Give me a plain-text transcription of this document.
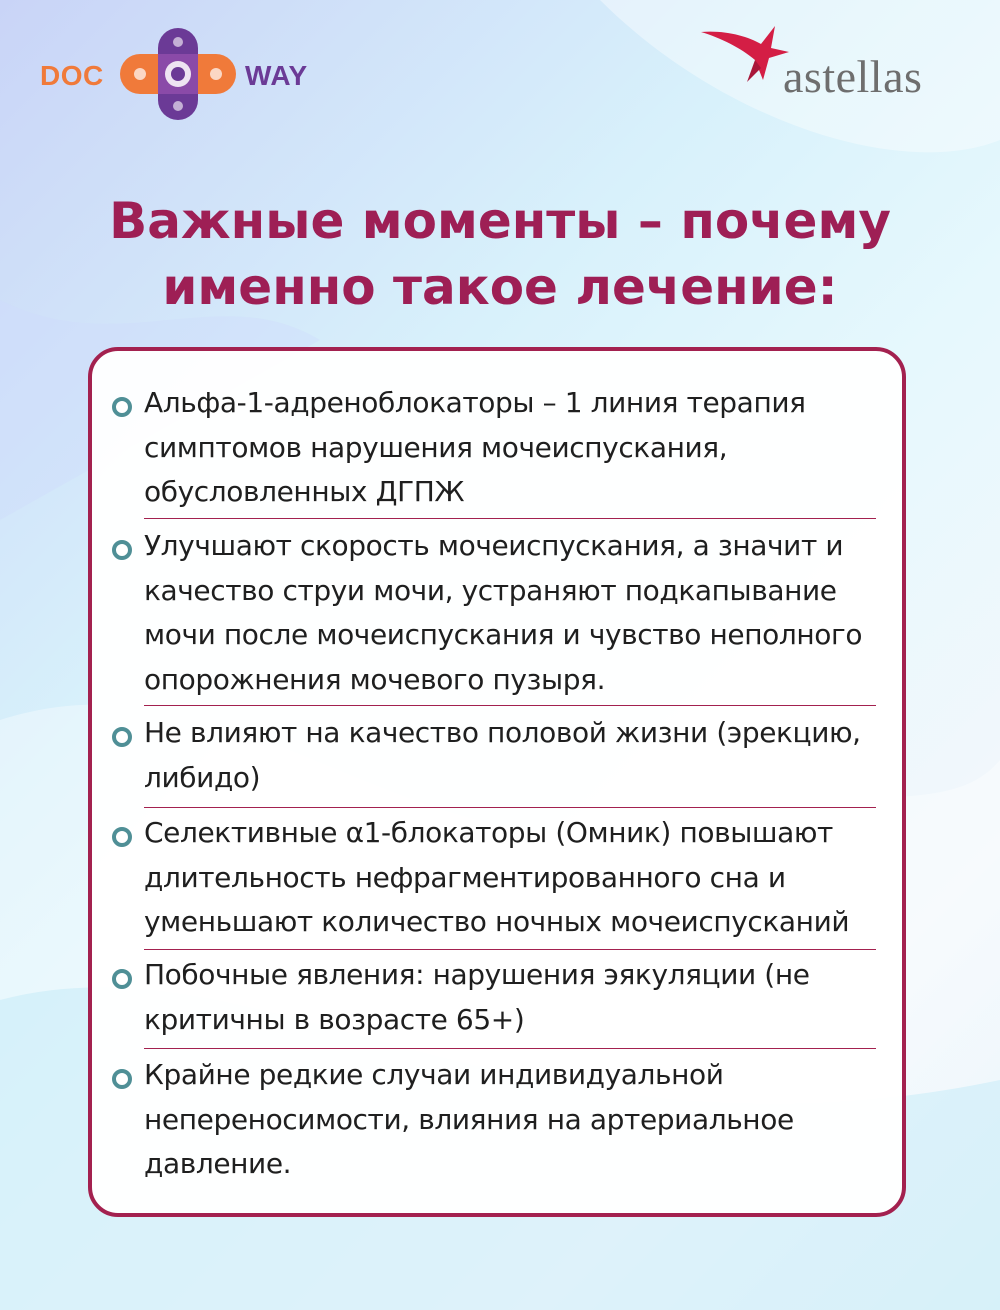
DOC	WAY	astellas
Важные моменты – почему
именно такое лечение:

Альфа-1-адреноблокаторы – 1 линия терапия симптомов нарушения мочеиспускания, обусловленных ДГПЖ

Улучшают скорость мочеиспускания, а значит и качество струи мочи, устраняют подкапывание мочи после мочеиспускания и чувство неполного опорожнения мочевого пузыря.

Не влияют на качество половой жизни (эрекцию, либидо)

Селективные α1-блокаторы (Омник) повышают длительность нефрагментированного сна и уменьшают количество ночных мочеиспусканий

Побочные явления: нарушения эякуляции (не критичны в возрасте 65+)

Крайне редкие случаи индивидуальной непереносимости, влияния на артериальное давление.
